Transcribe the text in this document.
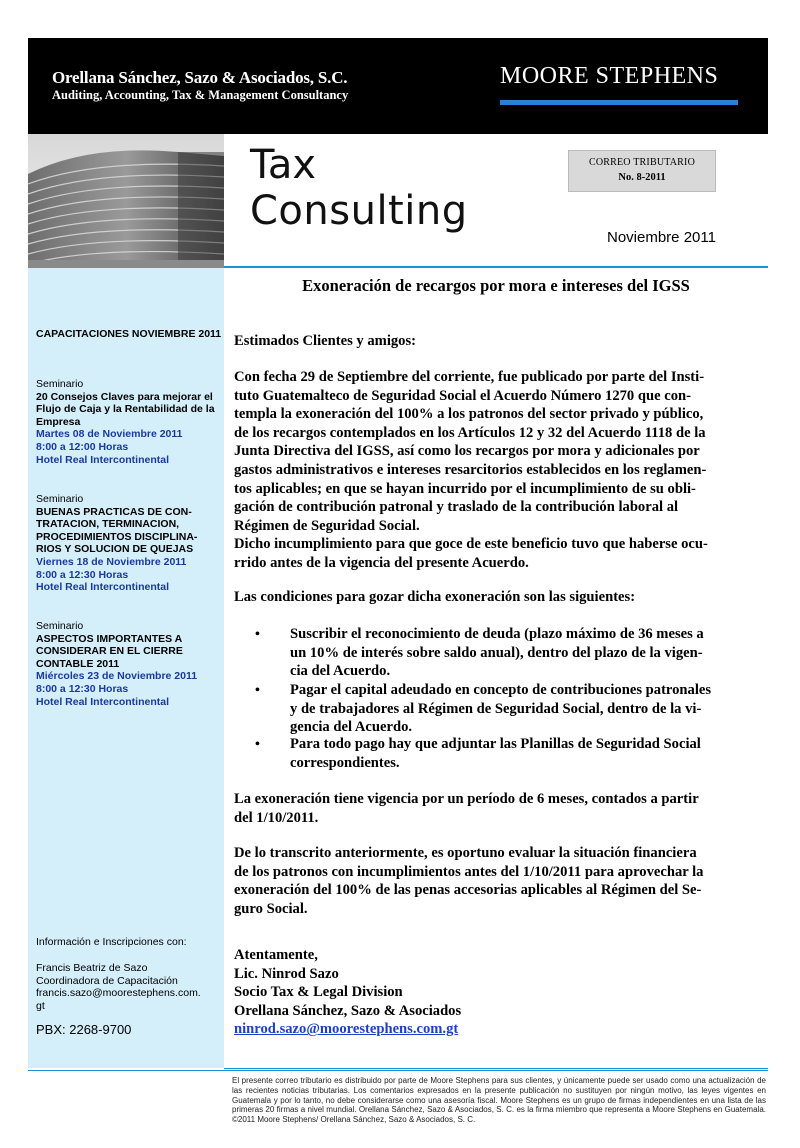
Orellana Sánchez, Sazo & Asociados, S.C.
Auditing, Accounting, Tax & Management Consultancy
MOORE STEPHENS
Tax
Consulting
CORREO TRIBUTARIO
No. 8-2011
Noviembre 2011
CAPACITACIONES NOVIEMBRE 2011
Seminario
20 Consejos Claves para mejorar el Flujo de Caja y la Rentabilidad de la Empresa
Martes 08 de Noviembre 2011
8:00 a 12:00 Horas
Hotel Real Intercontinental
Seminario
BUENAS PRACTICAS DE CON-TRATACION, TERMINACION, PROCEDIMIENTOS DISCIPLINA-RIOS Y SOLUCION DE QUEJAS
Viernes 18 de Noviembre 2011
8:00 a 12:30 Horas
Hotel Real Intercontinental
Seminario
ASPECTOS IMPORTANTES A CONSIDERAR EN EL CIERRE CONTABLE 2011
Miércoles 23 de Noviembre 2011
8:00 a 12:30 Horas
Hotel Real Intercontinental
Información e Inscripciones con:
Francis Beatriz de Sazo
Coordinadora de Capacitación
francis.sazo@moorestephens.com.
gt
PBX: 2268-9700
Exoneración de recargos por mora e intereses del IGSS
Estimados Clientes y amigos:
Con fecha 29 de Septiembre del corriente, fue publicado por parte del Insti-
tuto Guatemalteco de Seguridad Social el Acuerdo Número 1270 que con-
templa la exoneración del 100% a los patronos del sector privado y público,
de los recargos contemplados en los Artículos 12 y 32 del Acuerdo 1118 de la
Junta Directiva del IGSS, así como los recargos por mora y adicionales por
gastos administrativos e intereses resarcitorios establecidos en los reglamen-
tos aplicables; en que se hayan incurrido por el incumplimiento de su obli-
gación de contribución patronal y traslado de la contribución laboral al
Régimen de Seguridad Social.
Dicho incumplimiento para que goce de este beneficio tuvo que haberse ocu-
rrido antes de la vigencia del presente Acuerdo.
Las condiciones para gozar dicha exoneración son las siguientes:
• Suscribir el reconocimiento de deuda (plazo máximo de 36 meses a
un 10% de interés sobre saldo anual), dentro del plazo de la vigen-
cia del Acuerdo.
• Pagar el capital adeudado en concepto de contribuciones patronales
y de trabajadores al Régimen de Seguridad Social, dentro de la vi-
gencia del Acuerdo.
• Para todo pago hay que adjuntar las Planillas de Seguridad Social
correspondientes.
La exoneración tiene vigencia por un período de 6 meses, contados a partir
del 1/10/2011.
De lo transcrito anteriormente, es oportuno evaluar la situación financiera
de los patronos con incumplimientos antes del 1/10/2011 para aprovechar la
exoneración del 100% de las penas accesorias aplicables al Régimen del Se-
guro Social.
Atentamente,
Lic. Ninrod Sazo
Socio Tax & Legal Division
Orellana Sánchez, Sazo & Asociados
ninrod.sazo@moorestephens.com.gt
El presente correo tributario es distribuido por parte de Moore Stephens para sus clientes, y únicamente puede ser usado como una actualización de las recientes noticias tributarias. Los comentarios expresados en la presente publicación no sustituyen por ningún motivo, las leyes vigentes en Guatemala y por lo tanto, no debe considerarse como una asesoría fiscal. Moore Stephens es un grupo de firmas independientes en una lista de las primeras 20 firmas a nivel mundial. Orellana Sánchez, Sazo & Asociados, S. C. es la firma miembro que representa a Moore Stephens en Guatemala. ©2011 Moore Stephens/ Orellana Sánchez, Sazo & Asociados, S. C.
